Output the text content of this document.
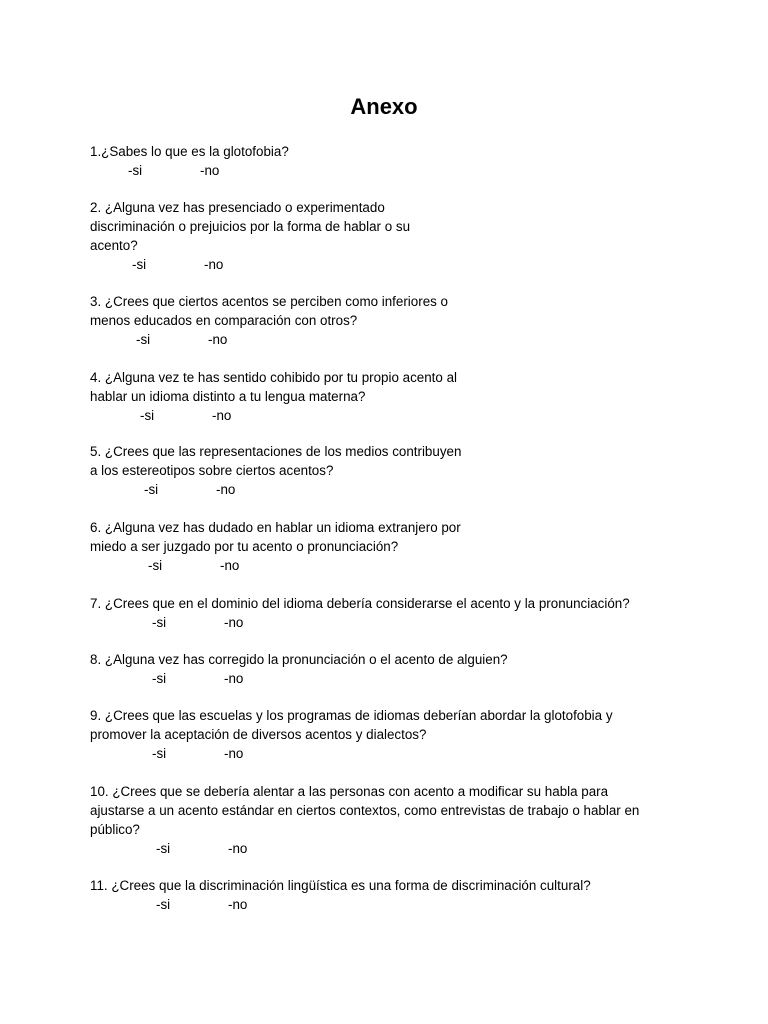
Anexo
1.¿Sabes lo que es la glotofobia?
-si	-no
2. ¿Alguna vez has presenciado o experimentado
discriminación o prejuicios por la forma de hablar o su
acento?
-si	-no
3. ¿Crees que ciertos acentos se perciben como inferiores o
menos educados en comparación con otros?
-si	-no
4. ¿Alguna vez te has sentido cohibido por tu propio acento al
hablar un idioma distinto a tu lengua materna?
-si	-no
5. ¿Crees que las representaciones de los medios contribuyen
a los estereotipos sobre ciertos acentos?
-si	-no
6. ¿Alguna vez has dudado en hablar un idioma extranjero por
miedo a ser juzgado por tu acento o pronunciación?
-si	-no
7. ¿Crees que en el dominio del idioma debería considerarse el acento y la pronunciación?
-si	-no
8. ¿Alguna vez has corregido la pronunciación o el acento de alguien?
-si	-no
9. ¿Crees que las escuelas y los programas de idiomas deberían abordar la glotofobia y
promover la aceptación de diversos acentos y dialectos?
-si	-no
10. ¿Crees que se debería alentar a las personas con acento a modificar su habla para
ajustarse a un acento estándar en ciertos contextos, como entrevistas de trabajo o hablar en
público?
-si	-no
11. ¿Crees que la discriminación lingüística es una forma de discriminación cultural?
-si	-no
